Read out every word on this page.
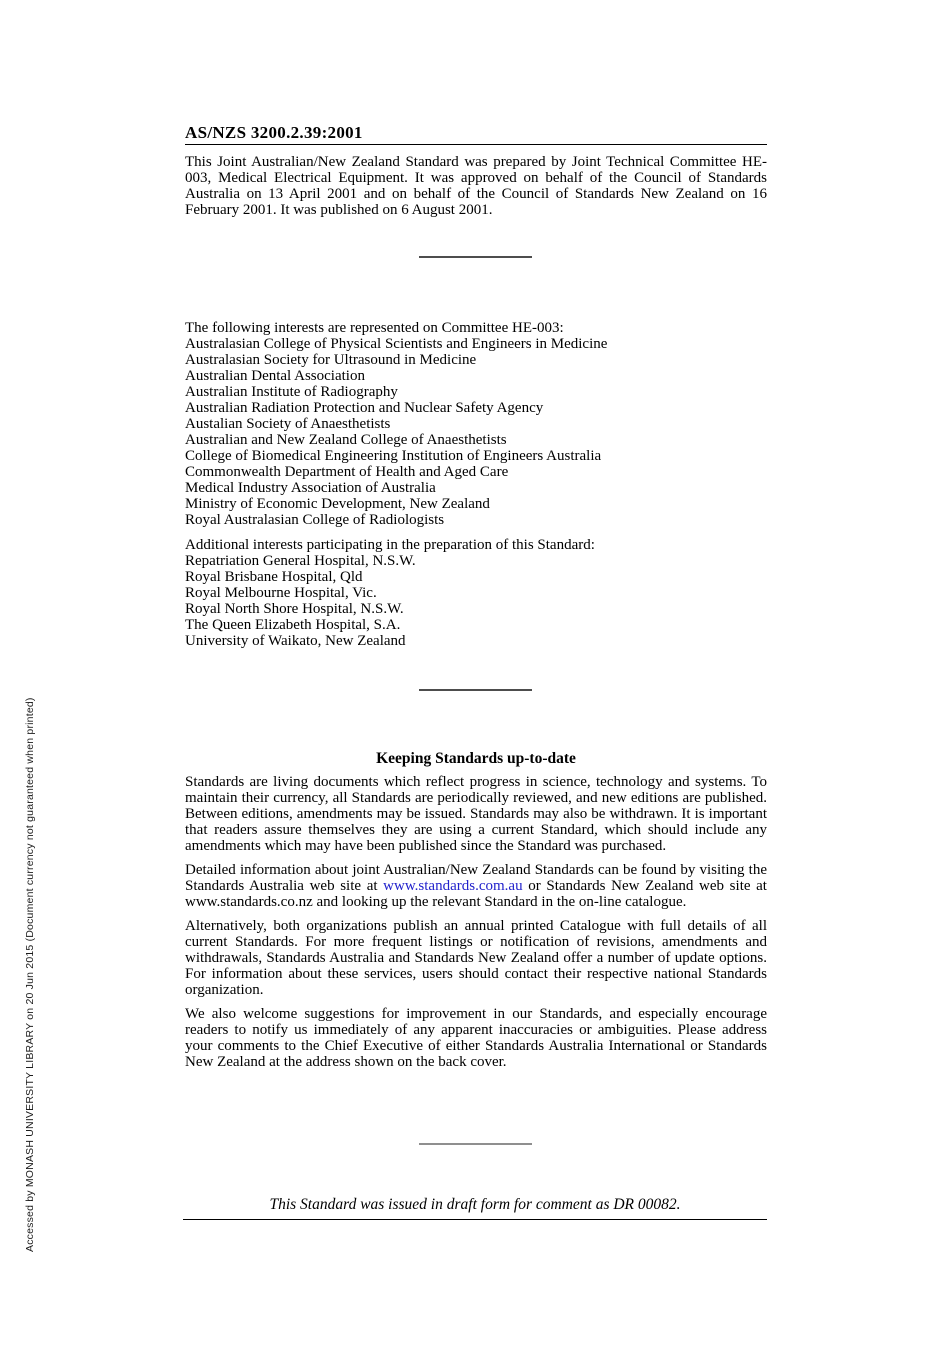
Accessed by MONASH UNIVERSITY LIBRARY on 20 Jun 2015 (Document currency not guaranteed when printed)
AS/NZS 3200.2.39:2001

This Joint Australian/New Zealand Standard was prepared by Joint Technical Committee HE-003, Medical Electrical Equipment. It was approved on behalf of the Council of Standards Australia on 13 April 2001 and on behalf of the Council of Standards New Zealand on 16 February 2001. It was published on 6 August 2001.

The following interests are represented on Committee HE-003:
Australasian College of Physical Scientists and Engineers in Medicine
Australasian Society for Ultrasound in Medicine
Australian Dental Association
Australian Institute of Radiography
Australian Radiation Protection and Nuclear Safety Agency
Austalian Society of Anaesthetists
Australian and New Zealand College of Anaesthetists
College of Biomedical Engineering Institution of Engineers Australia
Commonwealth Department of Health and Aged Care
Medical Industry Association of Australia
Ministry of Economic Development, New Zealand
Royal Australasian College of Radiologists
Additional interests participating in the preparation of this Standard:
Repatriation General Hospital, N.S.W.
Royal Brisbane Hospital, Qld
Royal Melbourne Hospital, Vic.
Royal North Shore Hospital, N.S.W.
The Queen Elizabeth Hospital, S.A.
University of Waikato, New Zealand
Keeping Standards up-to-date

Standards are living documents which reflect progress in science, technology and systems. To maintain their currency, all Standards are periodically reviewed, and new editions are published. Between editions, amendments may be issued. Standards may also be withdrawn. It is important that readers assure themselves they are using a current Standard, which should include any amendments which may have been published since the Standard was purchased.

Detailed information about joint Australian/New Zealand Standards can be found by visiting the Standards Australia web site at www.standards.com.au or Standards New Zealand web site at www.standards.co.nz and looking up the relevant Standard in the on-line catalogue.

Alternatively, both organizations publish an annual printed Catalogue with full details of all current Standards. For more frequent listings or notification of revisions, amendments and withdrawals, Standards Australia and Standards New Zealand offer a number of update options. For information about these services, users should contact their respective national Standards organization.

We also welcome suggestions for improvement in our Standards, and especially encourage readers to notify us immediately of any apparent inaccuracies or ambiguities. Please address your comments to the Chief Executive of either Standards Australia International or Standards New Zealand at the address shown on the back cover.

This Standard was issued in draft form for comment as DR 00082.
